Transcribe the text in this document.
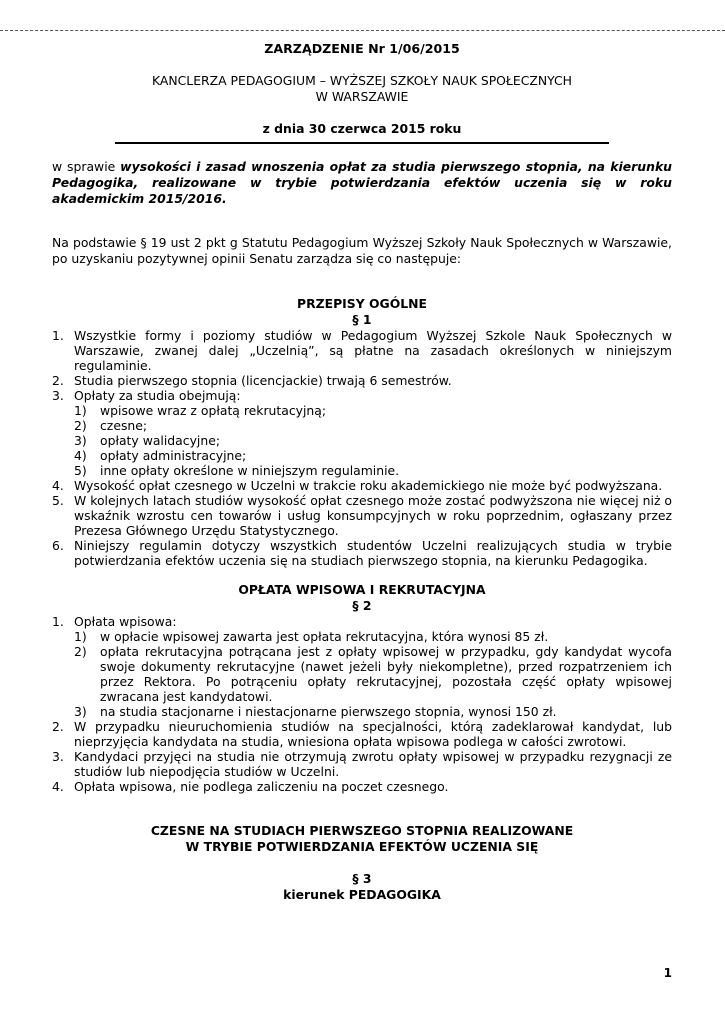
ZARZĄDZENIE Nr 1/06/2015
KANCLERZA PEDAGOGIUM – WYŻSZEJ SZKOŁY NAUK SPOŁECZNYCH
W WARSZAWIE
z dnia 30 czerwca 2015 roku
w sprawie wysokości i zasad wnoszenia opłat za studia pierwszego stopnia, na kierunku Pedagogika, realizowane w trybie potwierdzania efektów uczenia się w roku akademickim 2015/2016.
Na podstawie § 19 ust 2 pkt g Statutu Pedagogium Wyższej Szkoły Nauk Społecznych w Warszawie, po uzyskaniu pozytywnej opinii Senatu zarządza się co następuje:
PRZEPISY OGÓLNE
§ 1
1. Wszystkie formy i poziomy studiów w Pedagogium Wyższej Szkole Nauk Społecznych w Warszawie, zwanej dalej „Uczelnią”, są płatne na zasadach określonych w niniejszym regulaminie.
2. Studia pierwszego stopnia (licencjackie) trwają 6 semestrów.
3. Opłaty za studia obejmują:
1) wpisowe wraz z opłatą rekrutacyjną;
2) czesne;
3) opłaty walidacyjne;
4) opłaty administracyjne;
5) inne opłaty określone w niniejszym regulaminie.
4. Wysokość opłat czesnego w Uczelni w trakcie roku akademickiego nie może być podwyższana.
5. W kolejnych latach studiów wysokość opłat czesnego może zostać podwyższona nie więcej niż o wskaźnik wzrostu cen towarów i usług konsumpcyjnych w roku poprzednim, ogłaszany przez Prezesa Głównego Urzędu Statystycznego.
6. Niniejszy regulamin dotyczy wszystkich studentów Uczelni realizujących studia w trybie potwierdzania efektów uczenia się na studiach pierwszego stopnia, na kierunku Pedagogika.
OPŁATA WPISOWA I REKRUTACYJNA
§ 2
1. Opłata wpisowa:
1) w opłacie wpisowej zawarta jest opłata rekrutacyjna, która wynosi 85 zł.
2) opłata rekrutacyjna potrącana jest z opłaty wpisowej w przypadku, gdy kandydat wycofa swoje dokumenty rekrutacyjne (nawet jeżeli były niekompletne), przed rozpatrzeniem ich przez Rektora. Po potrąceniu opłaty rekrutacyjnej, pozostała część opłaty wpisowej zwracana jest kandydatowi.
3) na studia stacjonarne i niestacjonarne pierwszego stopnia, wynosi 150 zł.
2. W przypadku nieuruchomienia studiów na specjalności, którą zadeklarował kandydat, lub nieprzyjęcia kandydata na studia, wniesiona opłata wpisowa podlega w całości zwrotowi.
3. Kandydaci przyjęci na studia nie otrzymują zwrotu opłaty wpisowej w przypadku rezygnacji ze studiów lub niepodjęcia studiów w Uczelni.
4. Opłata wpisowa, nie podlega zaliczeniu na poczet czesnego.
CZESNE NA STUDIACH PIERWSZEGO STOPNIA REALIZOWANE
W TRYBIE POTWIERDZANIA EFEKTÓW UCZENIA SIĘ
§ 3
kierunek PEDAGOGIKA
1
